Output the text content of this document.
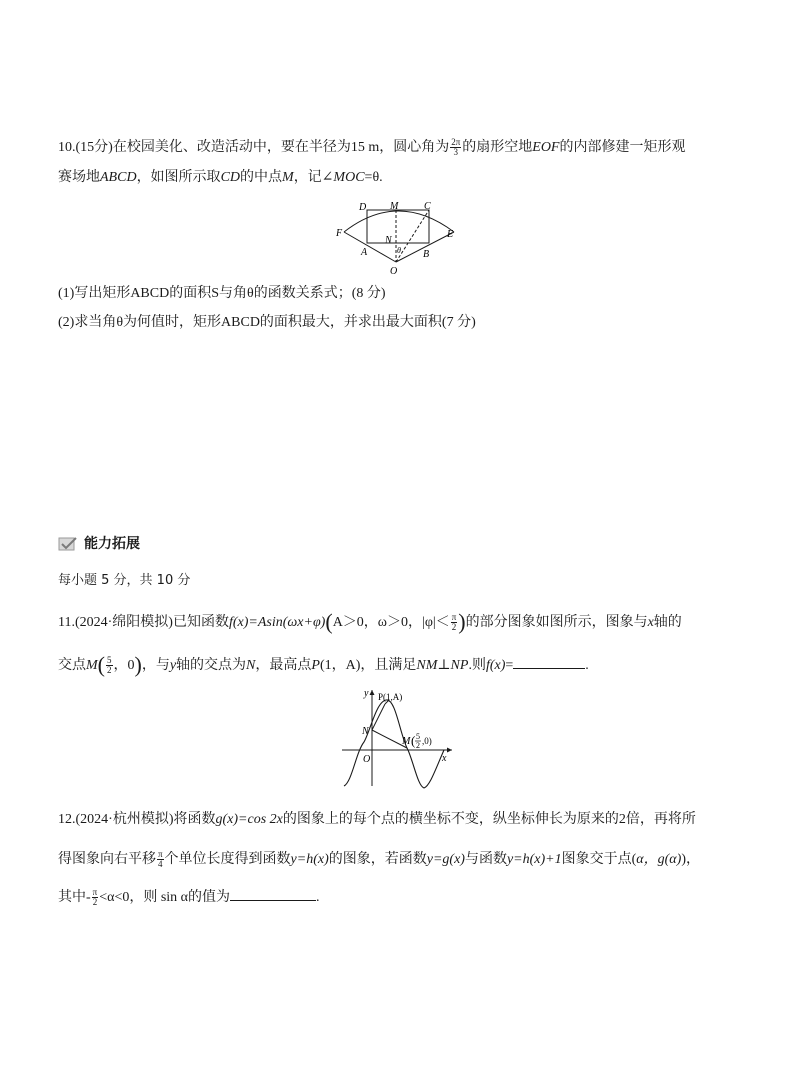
10.(15分)在校园美化、改造活动中，要在半径为15 m，圆心角为 $\frac{2\pi}{3}$ 的扇形空地EOF的内部修建一矩形观
赛场地ABCD，如图所示取CD的中点M，记∠MOC=θ.
D M	C
F	E
N
θ
A	B
O
(1)写出矩形ABCD的面积S与角θ的函数关系式；(8 分)
(2)求当角θ为何值时，矩形ABCD的面积最大，并求出最大面积(7 分)
能力拓展
每小题 5 分，共 10 分
11.(2024·绵阳模拟)已知函数f(x)=Asin(ωx+φ)(A＞0，ω＞0，$|\varphi|< \frac{\pi}{2}$ )的部分图象如图所示，图象与x轴的
交点$M( \frac{5}{2}$ ，0)，与y轴的交点为N，最高点P(1，A)，且满足NM⊥NP.则f(x)=	.
y P(1,A)
N
M ( 5
2 ,0)
O	x
12.(2024·杭州模拟)将函数g(x)=cos 2x的图象上的每个点的横坐标不变，纵坐标伸长为原来的2倍，再将所
得图象向右平移 $\frac{\pi}{4}$ 个单位长度得到函数y=h(x)的图象，若函数y=g(x)与函数y=h(x)+1图象交于点(α，g(α))，
其中- $\frac{\pi}{2} <\alpha<0$，则 sin α的值为	.
